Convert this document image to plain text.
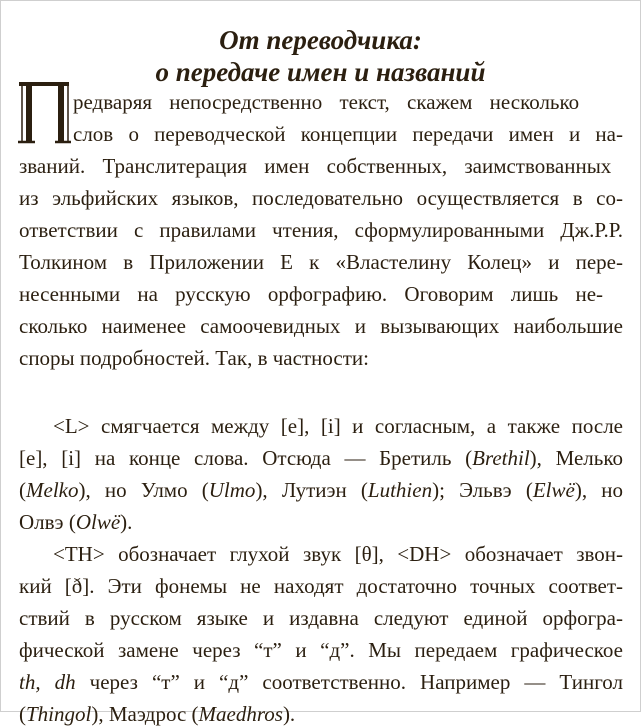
От переводчика:
о передаче имен и названий
редваряя непосредственно текст, скажем несколько
слов о переводческой концепции передачи имен и на-
званий. Транслитерация имен собственных, заимствованных
из эльфийских языков, последовательно осуществляется в со-
ответствии с правилами чтения, сформулированными Дж.Р.Р.
Толкином в Приложении Е к «Властелину Колец» и пере-
несенными на русскую орфографию. Оговорим лишь не-
сколько наименее самоочевидных и вызывающих наибольшие
споры подробностей. Так, в частности:
<L> смягчается между [e], [i] и согласным, а также после
[e], [i] на конце слова. Отсюда — Бретиль (Brethil), Мелько
(Melko), но Улмо (Ulmo), Лутиэн (Luthien); Эльвэ (Elwë), но
Олвэ (Olwë).
<TH> обозначает глухой звук [θ], <DH> обозначает звон-
кий [ð]. Эти фонемы не находят достаточно точных соответ-
ствий в русском языке и издавна следуют единой орфогра-
фической замене через “т” и “д”. Мы передаем графическое
th, dh через “т” и “д” соответственно. Например — Тингол
(Thingol), Маэдрос (Maedhros).
